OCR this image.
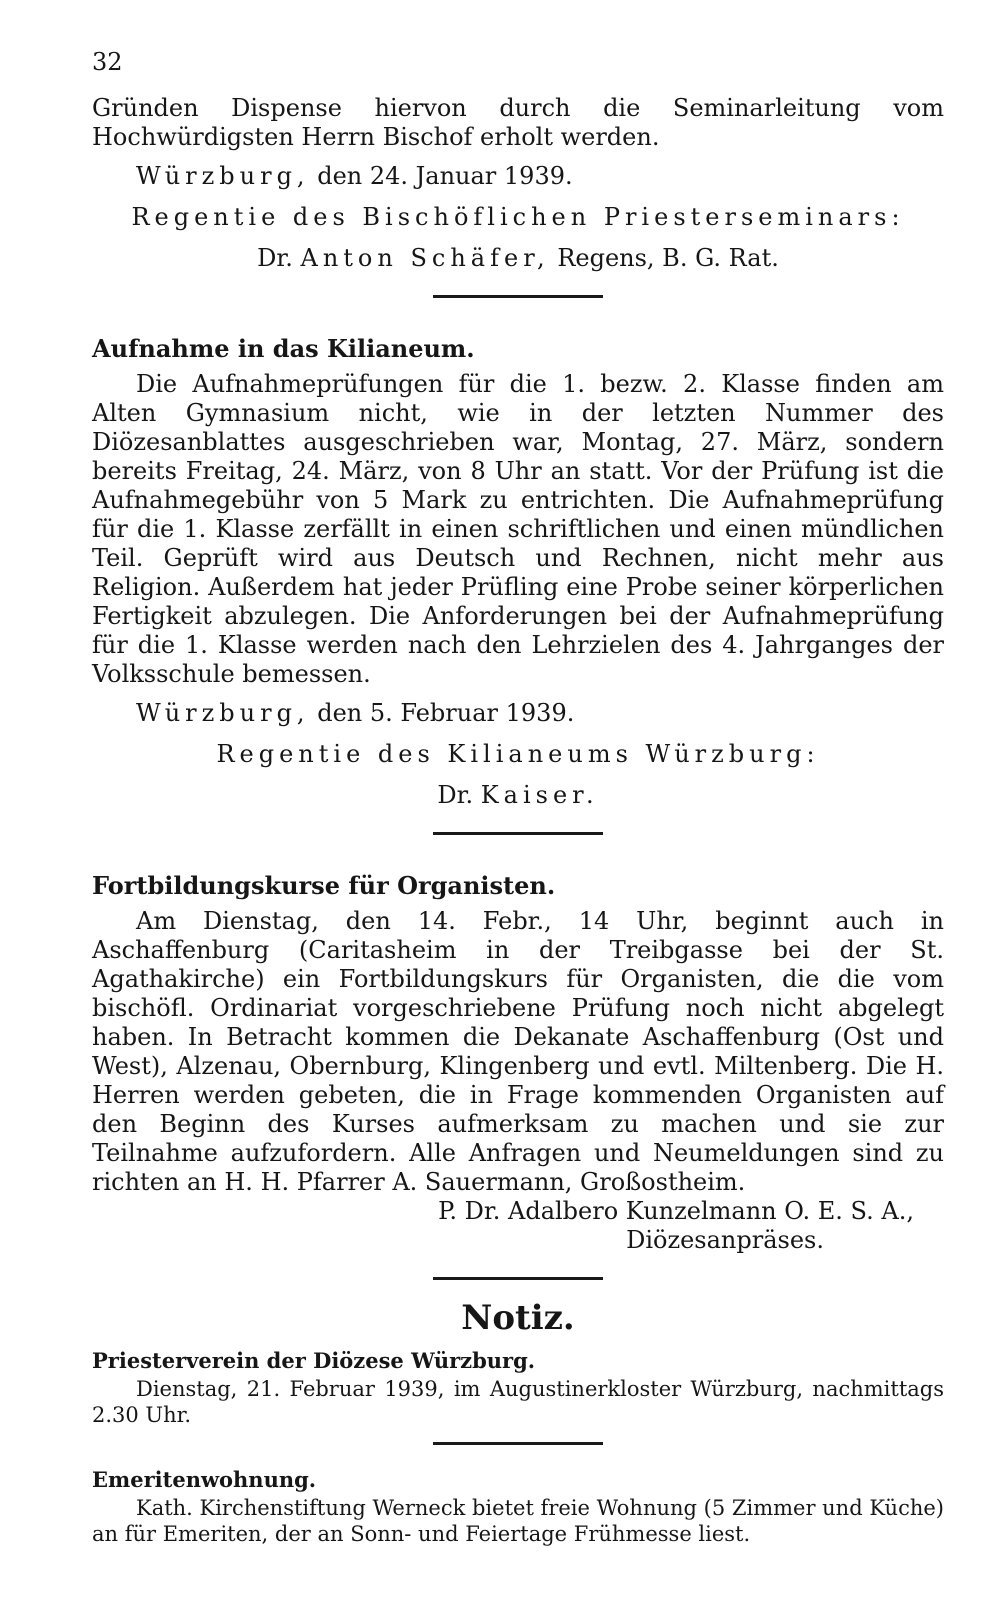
32

Gründen Dispense hiervon durch die Seminarleitung vom Hochwürdigsten Herrn Bischof erholt werden.

Würzburg, den 24. Januar 1939.

Regentie des Bischöflichen Priesterseminars:

Dr. Anton Schäfer, Regens, B. G. Rat.

Aufnahme in das Kilianeum.

Die Aufnahmeprüfungen für die 1. bezw. 2. Klasse finden am Alten Gymnasium nicht, wie in der letzten Nummer des Diözesanblattes ausgeschrieben war, Montag, 27. März, sondern bereits Freitag, 24. März, von 8 Uhr an statt. Vor der Prüfung ist die Aufnahmegebühr von 5 Mark zu entrichten. Die Aufnahmeprüfung für die 1. Klasse zerfällt in einen schriftlichen und einen mündlichen Teil. Geprüft wird aus Deutsch und Rechnen, nicht mehr aus Religion. Außerdem hat jeder Prüfling eine Probe seiner körperlichen Fertigkeit abzulegen. Die Anforderungen bei der Aufnahmeprüfung für die 1. Klasse werden nach den Lehrzielen des 4. Jahrganges der Volksschule bemessen.

Würzburg, den 5. Februar 1939.

Regentie des Kilianeums Würzburg:

Dr. Kaiser.

Fortbildungskurse für Organisten.

Am Dienstag, den 14. Febr., 14 Uhr, beginnt auch in Aschaffenburg (Caritasheim in der Treibgasse bei der St. Agathakirche) ein Fortbildungskurs für Organisten, die die vom bischöfl. Ordinariat vorgeschriebene Prüfung noch nicht abgelegt haben. In Betracht kommen die Dekanate Aschaffenburg (Ost und West), Alzenau, Obernburg, Klingenberg und evtl. Miltenberg. Die H. Herren werden gebeten, die in Frage kommenden Organisten auf den Beginn des Kurses aufmerksam zu machen und sie zur Teilnahme aufzufordern. Alle Anfragen und Neumeldungen sind zu richten an H. H. Pfarrer A. Sauermann, Großostheim.

P. Dr. Adalbero Kunzelmann O. E. S. A.,

Diözesanpräses.

Notiz.
Priesterverein der Diözese Würzburg.

Dienstag, 21. Februar 1939, im Augustinerkloster Würzburg, nachmittags 2.30 Uhr.

Emeritenwohnung.

Kath. Kirchenstiftung Werneck bietet freie Wohnung (5 Zimmer und Küche) an für Emeriten, der an Sonn- und Feiertage Frühmesse liest.
